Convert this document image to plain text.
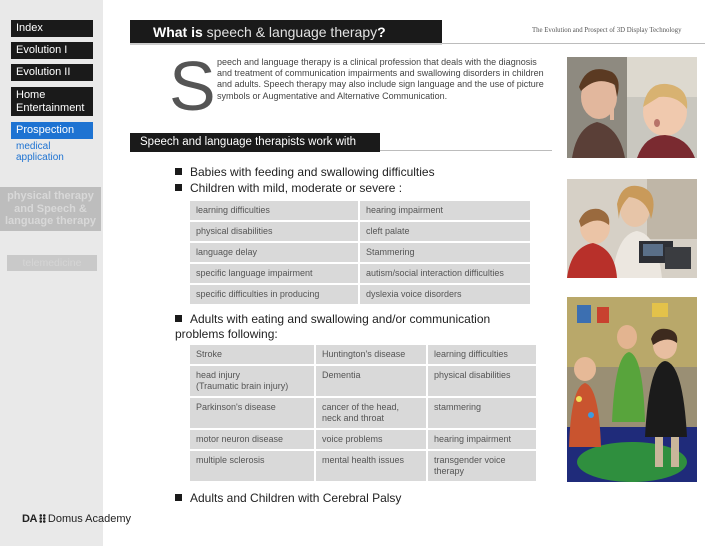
Index
Evolution I
Evolution II
Home Entertainment
Prospection
medical application
physical therapy and Speech & language therapy
telemedicine
DA Domus Academy
What is speech & language therapy?	The Evolution and Prospect of 3D Display Technology
S peech and language therapy is a clinical profession that deals with the diagnosis and treatment of communication impairments and swallowing disorders in children and adults. Speech therapy may also include sign language and the use of picture symbols or Augmentative and Alternative Communication.
Speech and language therapists work with
Babies with feeding and swallowing difficulties
Children with mild, moderate or severe :
learning difficulties	hearing impairment
physical disabilities	cleft palate
language delay	Stammering
specific language impairment	autism/social interaction difficulties
specific difficulties in producing	dyslexia voice disorders
Adults with eating and swallowing and/or communication problems following:
Stroke	Huntington's disease	learning difficulties
head injury
(Traumatic brain injury)	Dementia	physical disabilities
Parkinson's disease	cancer of the head, neck and throat	stammering
motor neuron disease	voice problems	hearing impairment
multiple sclerosis	mental health issues	transgender voice therapy
Adults and Children with Cerebral Palsy
